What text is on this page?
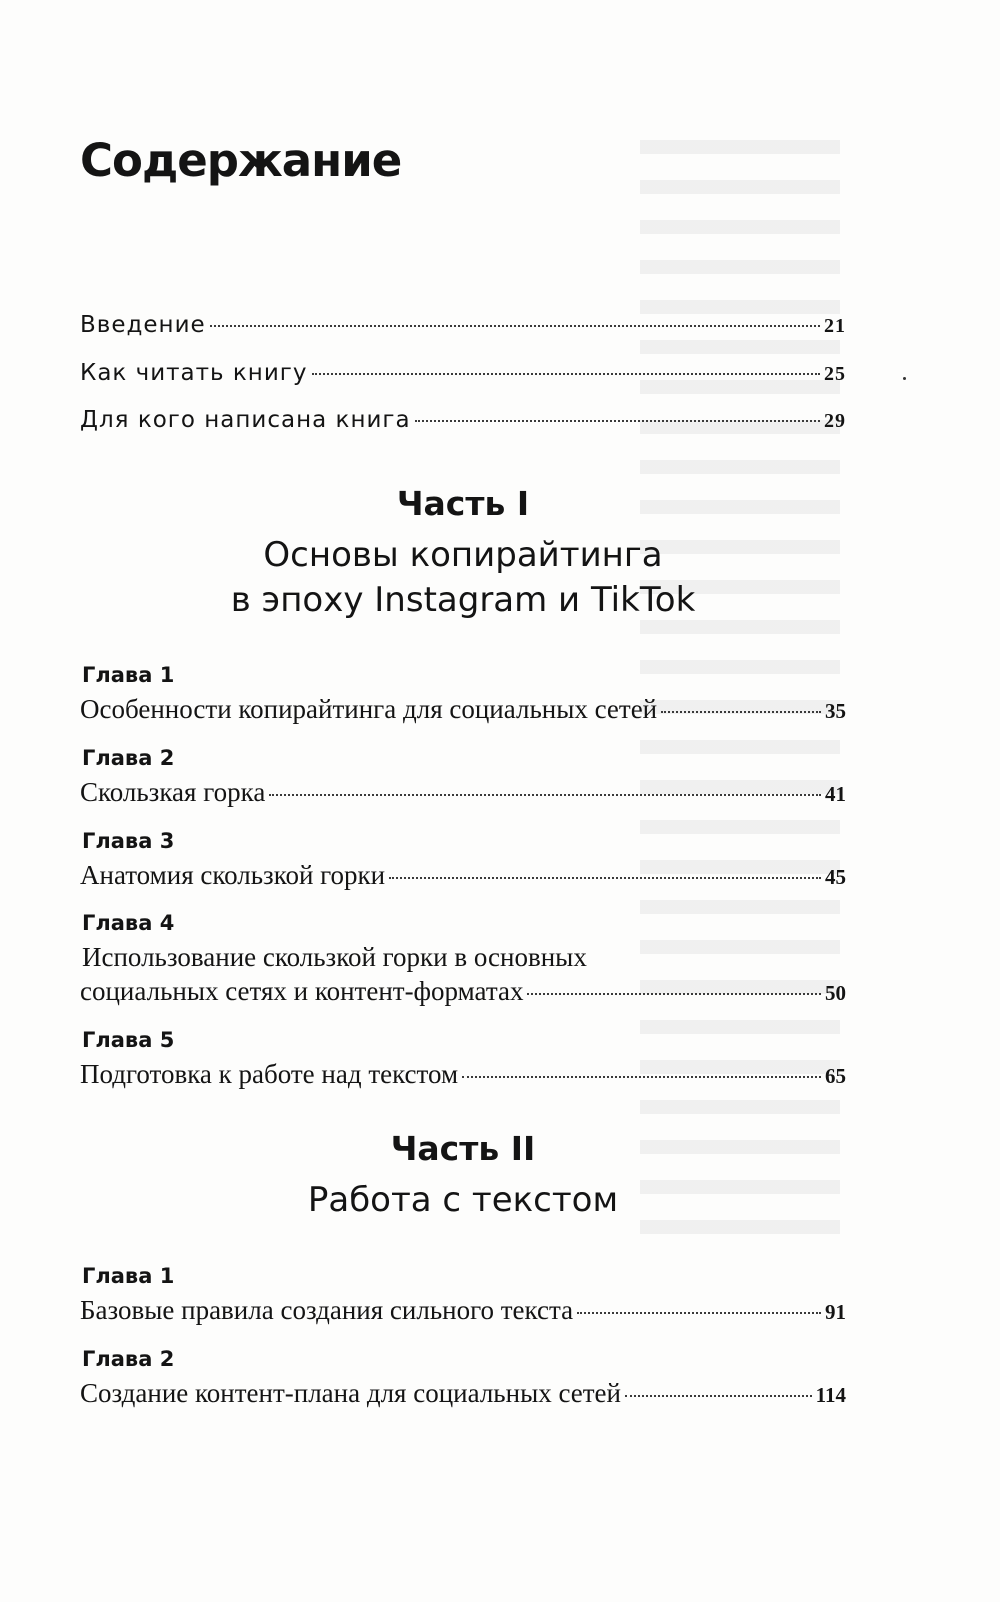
Содержание
Введение	21
Как читать книгу	25
Для кого написана книга	29
Часть I
Основы копирайтинга
в эпоху Instagram и TikTok
Глава 1
Особенности копирайтинга для социальных сетей	35
Глава 2
Скользкая горка	41
Глава 3
Анатомия скользкой горки	45
Глава 4
Использование скользкой горки в основных
социальных сетях и контент-форматах	50
Глава 5
Подготовка к работе над текстом	65
Часть II
Работа с текстом
Глава 1
Базовые правила создания сильного текста	91
Глава 2
Создание контент-плана для социальных сетей	114
